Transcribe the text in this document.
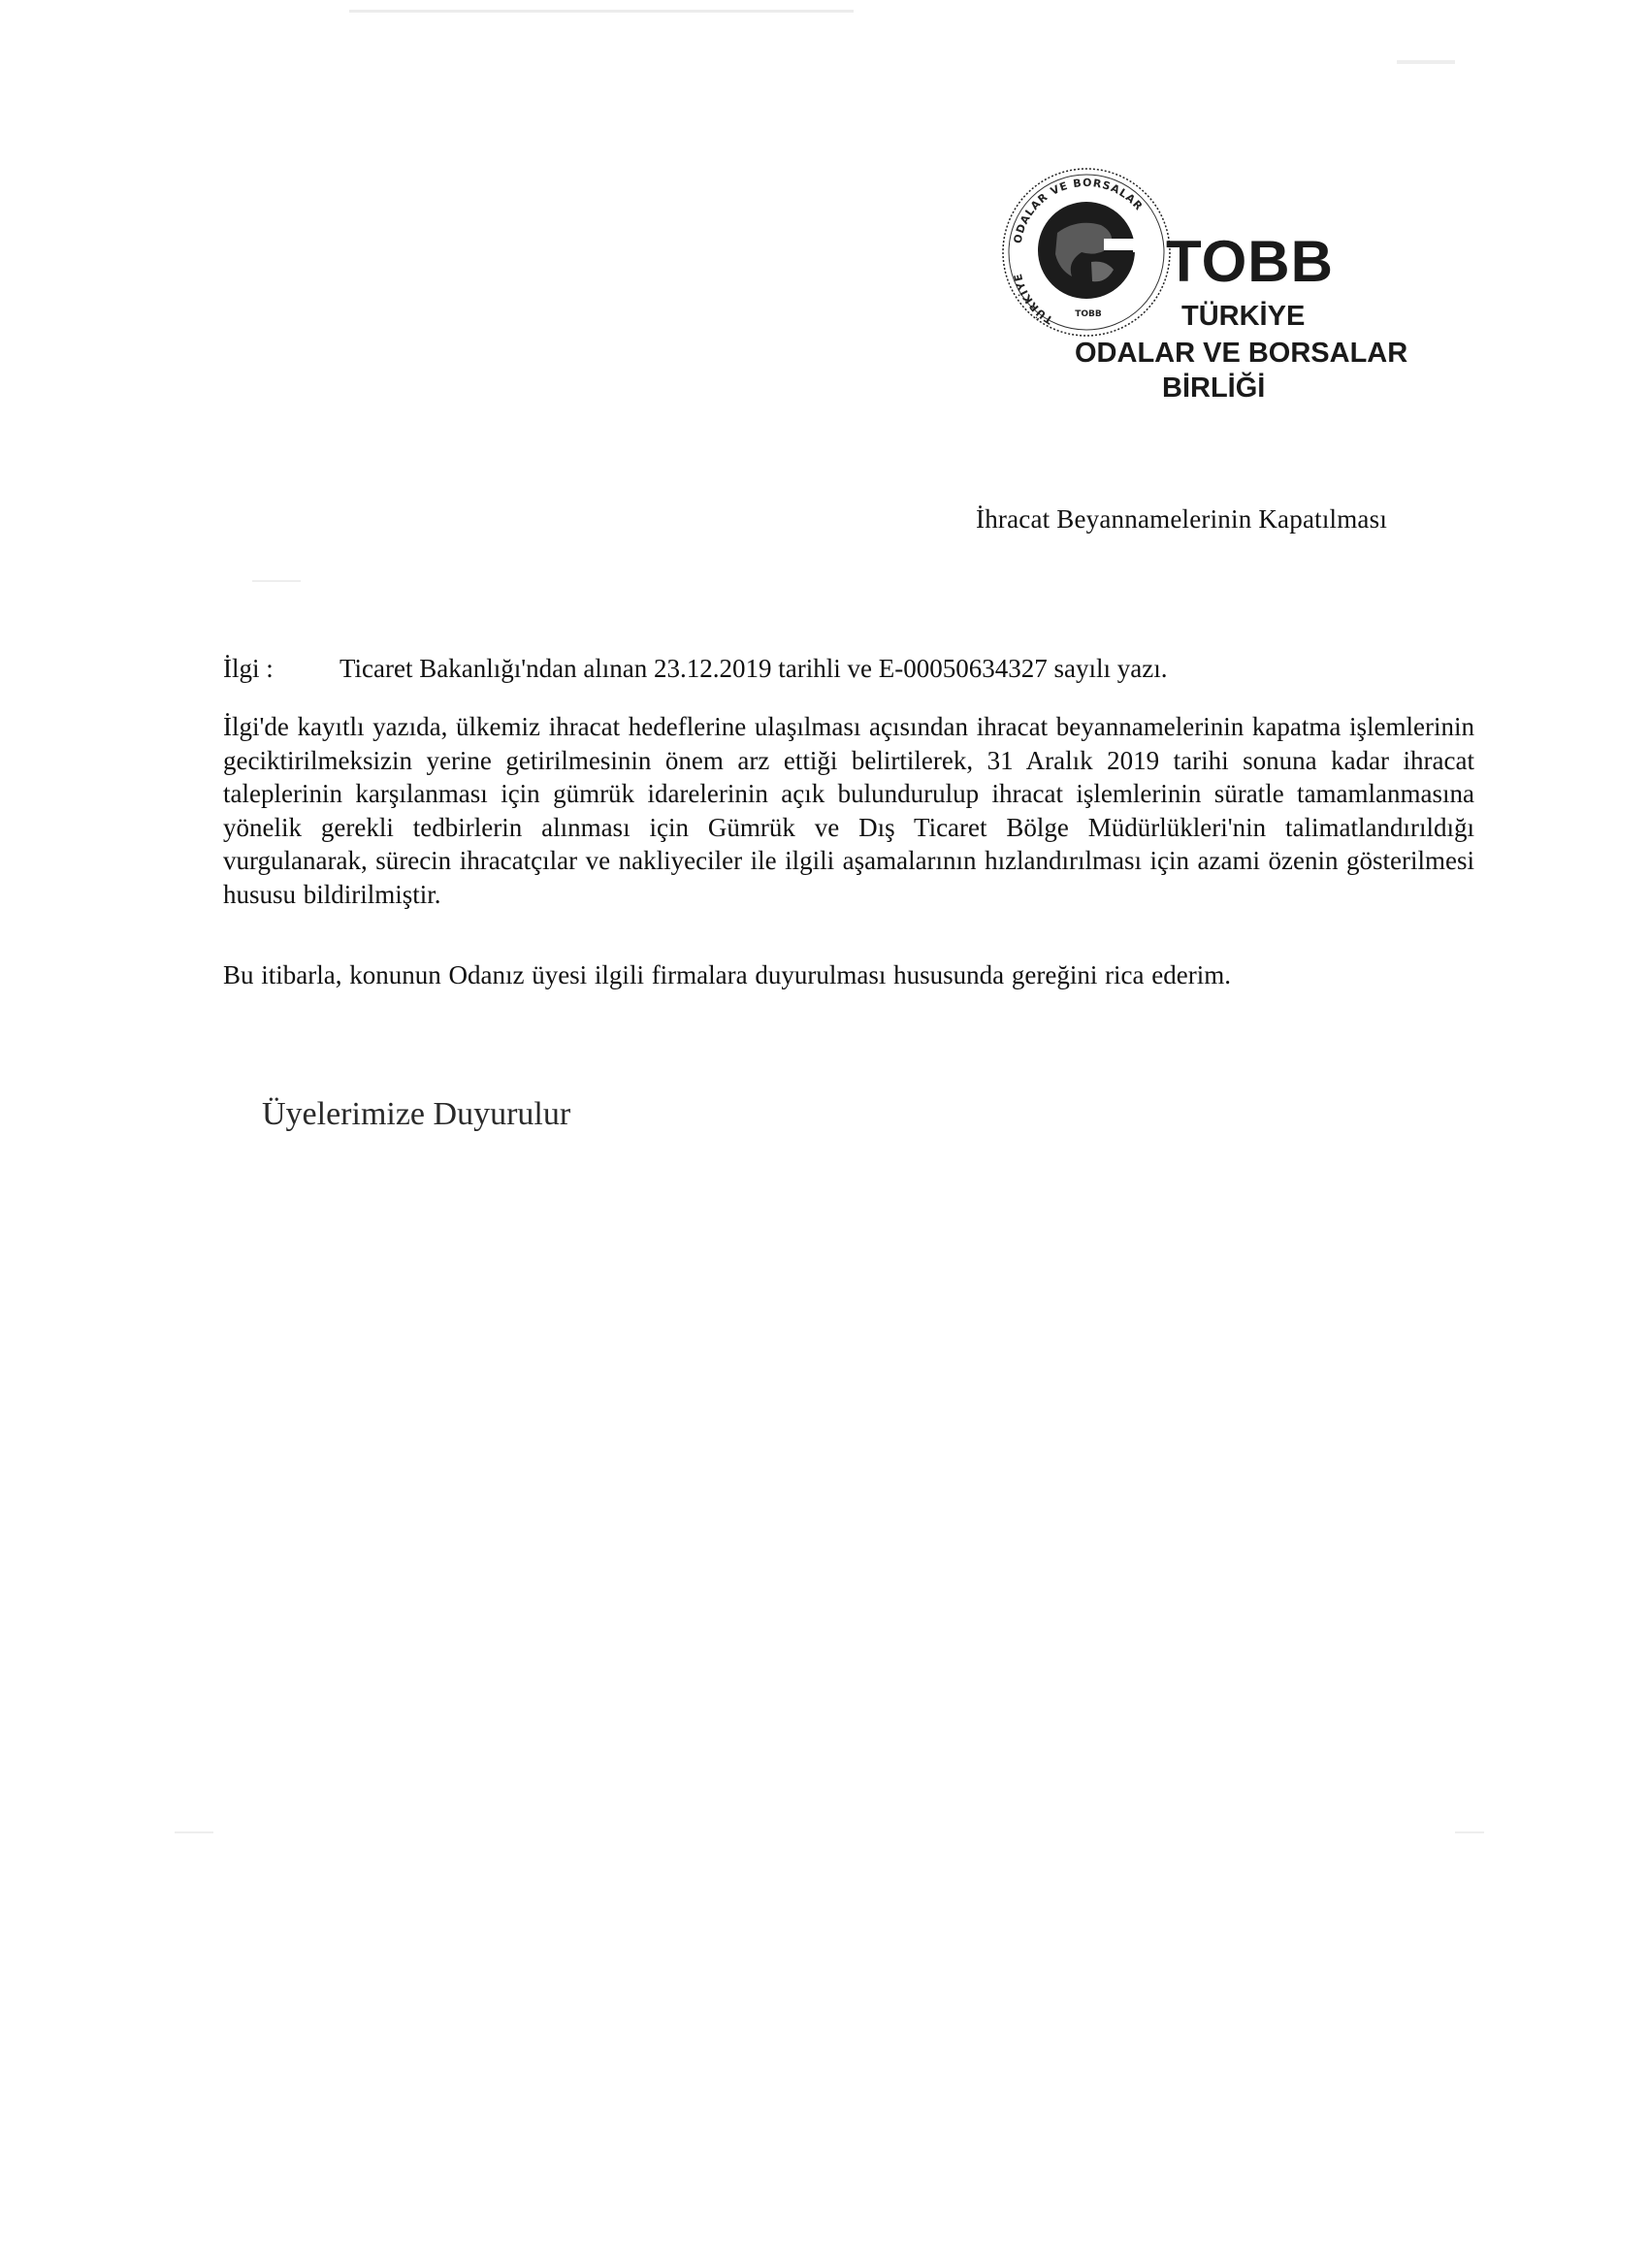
ODALAR VE BORSALAR
TÜRKİYE
TOBB
TOBB
TÜRKİYE
ODALAR VE BORSALAR
BİRLİĞİ
İhracat Beyannamelerinin Kapatılması
İlgi :	Ticaret Bakanlığı'ndan alınan 23.12.2019 tarihli ve E-00050634327 sayılı yazı.
İlgi'de kayıtlı yazıda, ülkemiz ihracat hedeflerine ulaşılması açısından ihracat beyannamelerinin kapatma işlemlerinin geciktirilmeksizin yerine getirilmesinin önem arz ettiği belirtilerek, 31 Aralık 2019 tarihi sonuna kadar ihracat taleplerinin karşılanması için gümrük idarelerinin açık bulundurulup ihracat işlemlerinin süratle tamamlanmasına yönelik gerekli tedbirlerin alınması için Gümrük ve Dış Ticaret Bölge Müdürlükleri'nin talimatlandırıldığı vurgulanarak, sürecin ihracatçılar ve nakliyeciler ile ilgili aşamalarının hızlandırılması için azami özenin gösterilmesi hususu bildirilmiştir.
Bu itibarla, konunun Odanız üyesi ilgili firmalara duyurulması hususunda gereğini rica ederim.
Üyelerimize Duyurulur
